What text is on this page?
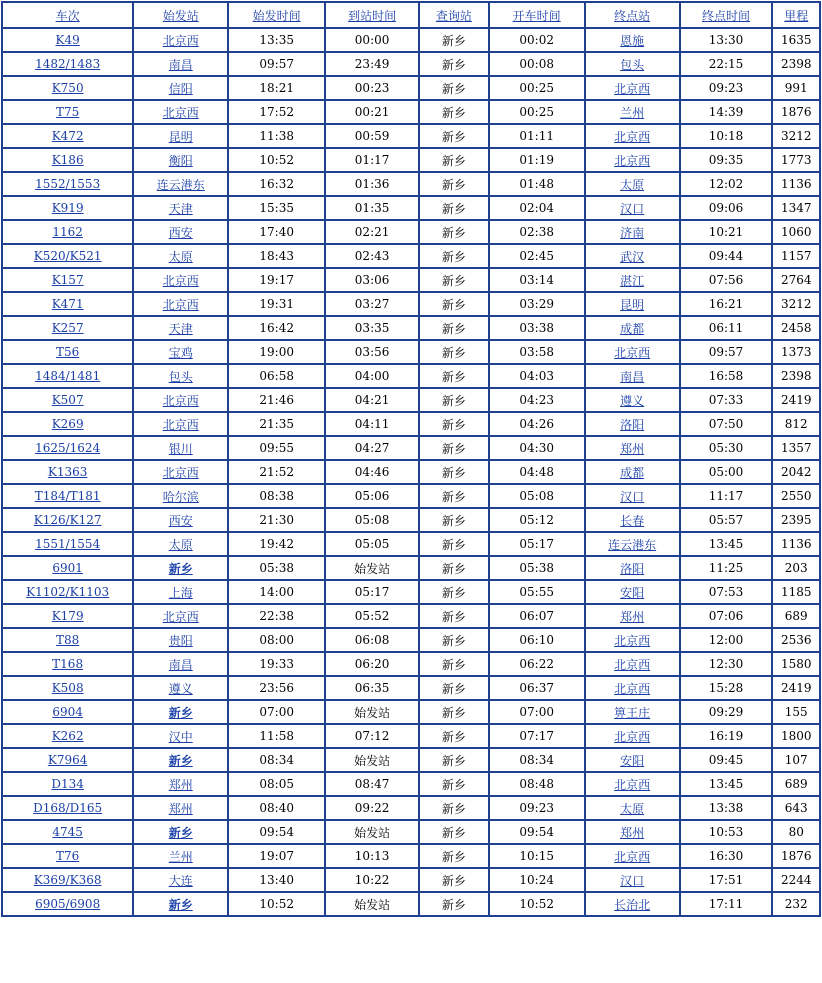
车次	始发站	始发时间	到站时间	查询站	开车时间	终点站	终点时间	里程
K49	北京西	13:35	00:00	新乡	00:02	恩施	13:30	1635
1482/1483	南昌	09:57	23:49	新乡	00:08	包头	22:15	2398
K750	信阳	18:21	00:23	新乡	00:25	北京西	09:23	991
T75	北京西	17:52	00:21	新乡	00:25	兰州	14:39	1876
K472	昆明	11:38	00:59	新乡	01:11	北京西	10:18	3212
K186	衡阳	10:52	01:17	新乡	01:19	北京西	09:35	1773
1552/1553	连云港东	16:32	01:36	新乡	01:48	太原	12:02	1136
K919	天津	15:35	01:35	新乡	02:04	汉口	09:06	1347
1162	西安	17:40	02:21	新乡	02:38	济南	10:21	1060
K520/K521	太原	18:43	02:43	新乡	02:45	武汉	09:44	1157
K157	北京西	19:17	03:06	新乡	03:14	湛江	07:56	2764
K471	北京西	19:31	03:27	新乡	03:29	昆明	16:21	3212
K257	天津	16:42	03:35	新乡	03:38	成都	06:11	2458
T56	宝鸡	19:00	03:56	新乡	03:58	北京西	09:57	1373
1484/1481	包头	06:58	04:00	新乡	04:03	南昌	16:58	2398
K507	北京西	21:46	04:21	新乡	04:23	遵义	07:33	2419
K269	北京西	21:35	04:11	新乡	04:26	洛阳	07:50	812
1625/1624	银川	09:55	04:27	新乡	04:30	郑州	05:30	1357
K1363	北京西	21:52	04:46	新乡	04:48	成都	05:00	2042
T184/T181	哈尔滨	08:38	05:06	新乡	05:08	汉口	11:17	2550
K126/K127	西安	21:30	05:08	新乡	05:12	长春	05:57	2395
1551/1554	太原	19:42	05:05	新乡	05:17	连云港东	13:45	1136
6901	新乡	05:38	始发站	新乡	05:38	洛阳	11:25	203
K1102/K1103	上海	14:00	05:17	新乡	05:55	安阳	07:53	1185
K179	北京西	22:38	05:52	新乡	06:07	郑州	07:06	689
T88	贵阳	08:00	06:08	新乡	06:10	北京西	12:00	2536
T168	南昌	19:33	06:20	新乡	06:22	北京西	12:30	1580
K508	遵义	23:56	06:35	新乡	06:37	北京西	15:28	2419
6904	新乡	07:00	始发站	新乡	07:00	箅王庄	09:29	155
K262	汉中	11:58	07:12	新乡	07:17	北京西	16:19	1800
K7964	新乡	08:34	始发站	新乡	08:34	安阳	09:45	107
D134	郑州	08:05	08:47	新乡	08:48	北京西	13:45	689
D168/D165	郑州	08:40	09:22	新乡	09:23	太原	13:38	643
4745	新乡	09:54	始发站	新乡	09:54	郑州	10:53	80
T76	兰州	19:07	10:13	新乡	10:15	北京西	16:30	1876
K369/K368	大连	13:40	10:22	新乡	10:24	汉口	17:51	2244
6905/6908	新乡	10:52	始发站	新乡	10:52	长治北	17:11	232
